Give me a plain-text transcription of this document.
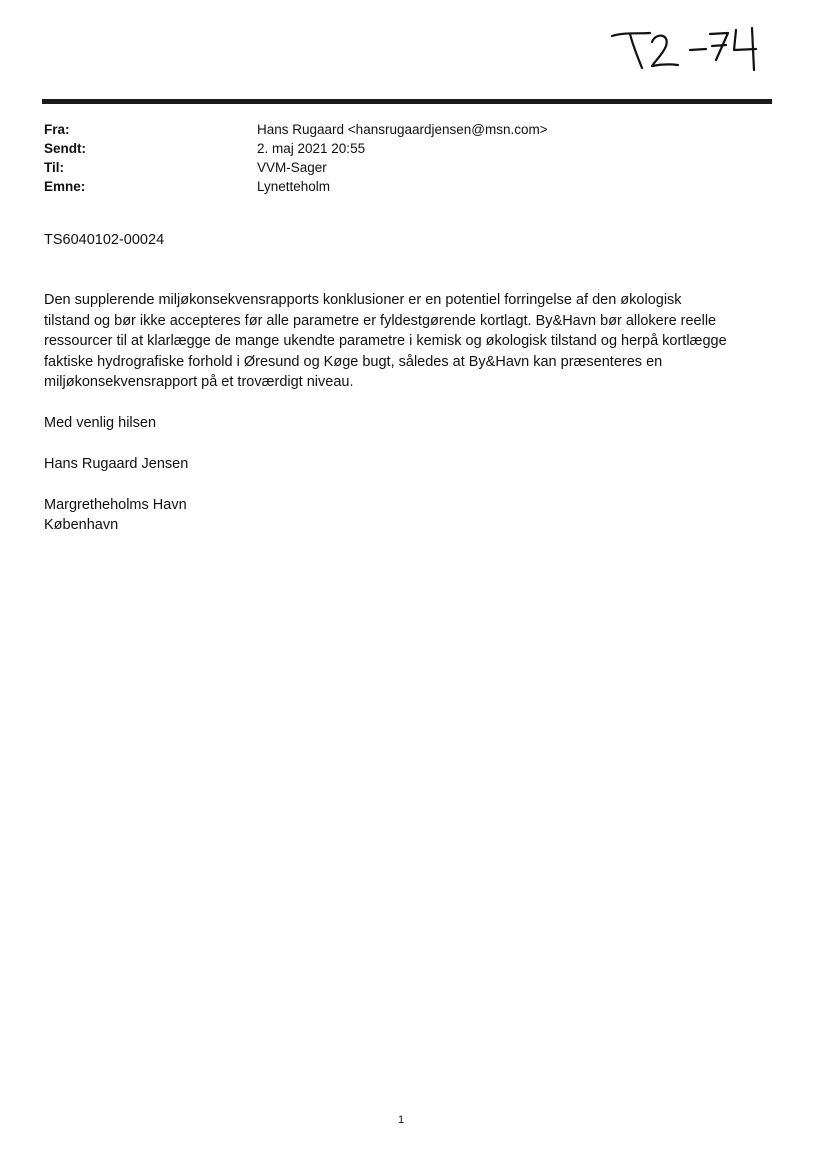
Fra:	Hans Rugaard <hansrugaardjensen@msn.com>
Sendt:	2. maj 2021 20:55
Til:	VVM-Sager
Emne:	Lynetteholm
TS6040102-00024
Den supplerende miljøkonsekvensrapports konklusioner er en potentiel forringelse af den økologisk
tilstand og bør ikke accepteres før alle parametre er fyldestgørende kortlagt. By&Havn bør allokere reelle
ressourcer til at klarlægge de mange ukendte parametre i kemisk og økologisk tilstand og herpå kortlægge
faktiske hydrografiske forhold i Øresund og Køge bugt, således at By&Havn kan præsenteres en
miljøkonsekvensrapport på et troværdigt niveau.
Med venlig hilsen
Hans Rugaard Jensen
Margretheholms Havn
København
1
